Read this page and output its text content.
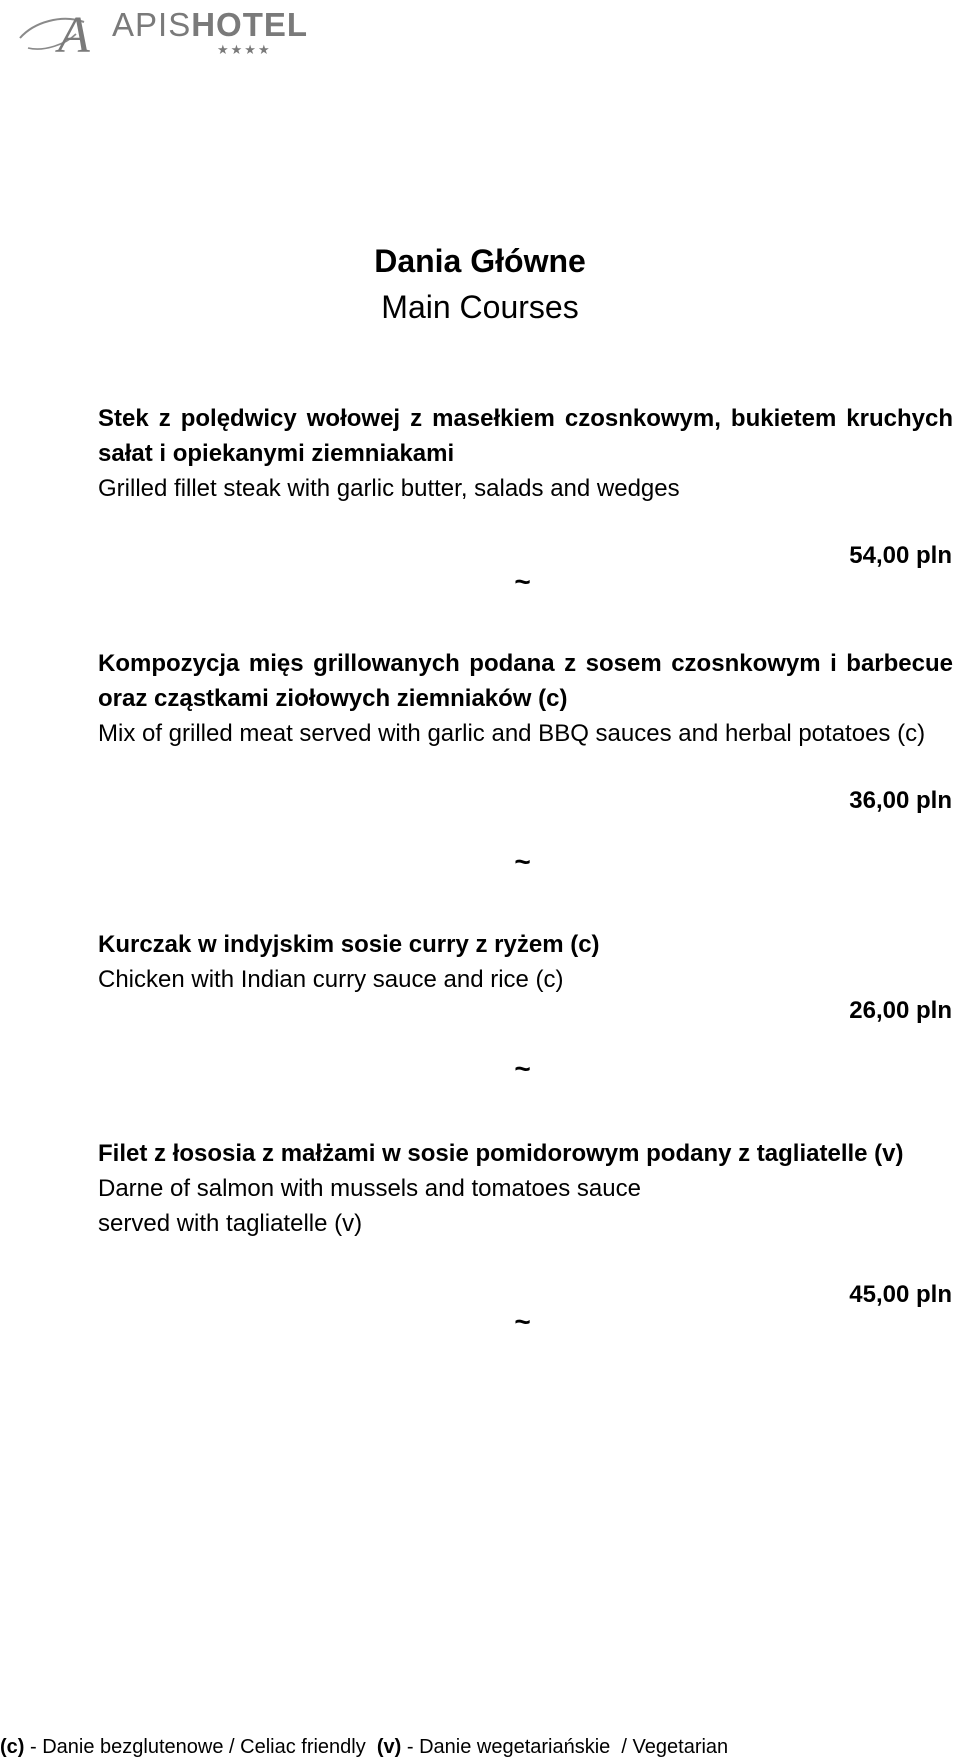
A APISHOTEL
★★★★
Dania Główne
Main Courses
Stek z polędwicy wołowej z masełkiem czosnkowym, bukietem kruchych sałat i opiekanymi ziemniakami
Grilled fillet steak with garlic butter, salads and wedges
54,00 pln
~
Kompozycja mięs grillowanych podana z sosem czosnkowym i barbecue oraz cząstkami ziołowych ziemniaków (c)
Mix of grilled meat served with garlic and BBQ sauces and herbal potatoes (c)
36,00 pln
~
Kurczak w indyjskim sosie curry z ryżem (c)
Chicken with Indian curry sauce and rice (c)
26,00 pln
~
Filet z łososia z małżami w sosie pomidorowym podany z tagliatelle (v)
Darne of salmon with mussels and tomatoes sauce
served with tagliatelle (v)
45,00 pln
~
(c) - Danie bezglutenowe / Celiac friendly  (v) - Danie wegetariańskie  / Vegetarian
